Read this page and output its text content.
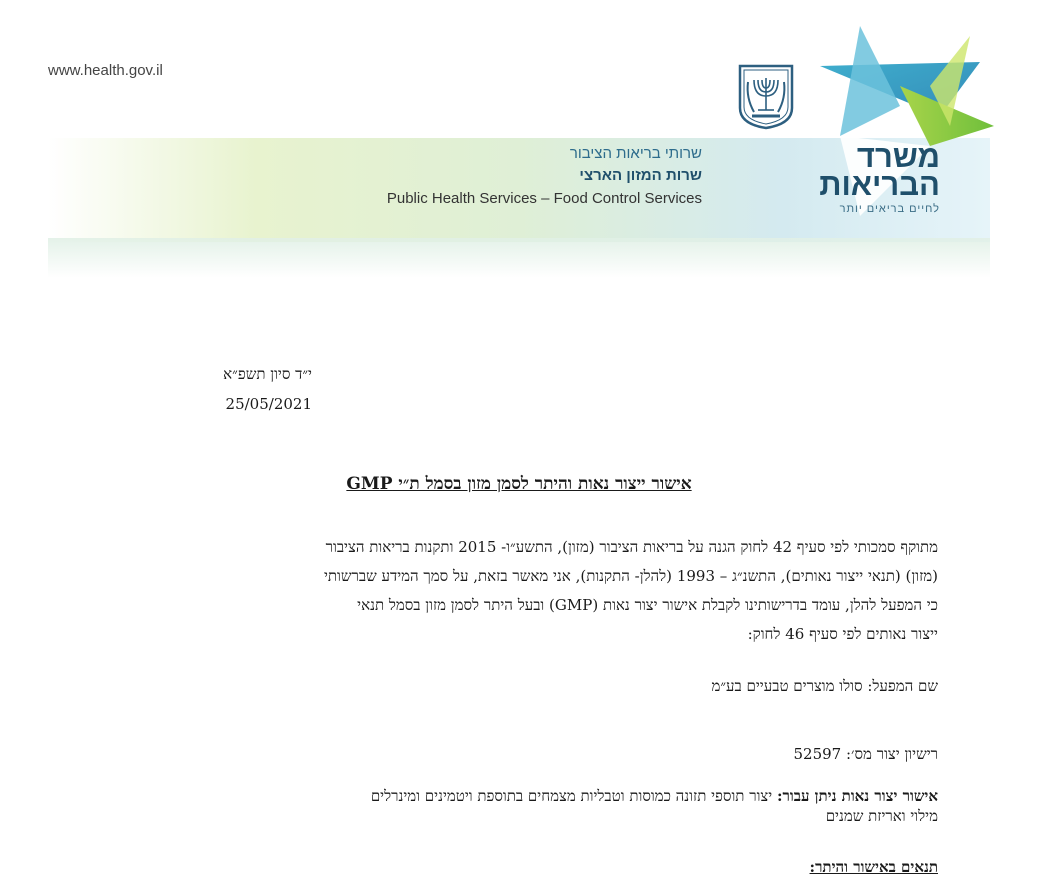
www.health.gov.il
שרותי בריאות הציבור
שרות המזון הארצי
Public Health Services – Food Control Services
משרד
הבריאות
לחיים בריאים יותר
י״ד סיון תשפ״א
25/05/2021
אישור ייצור נאות והיתר לסמן מזון בסמל ת״י GMP
מתוקף סמכותי לפי סעיף 42 לחוק הגנה על בריאות הציבור (מזון), התשע״ו- 2015 ותקנות בריאות הציבור
(מזון) (תנאי ייצור נאותים), התשנ״ג – 1993 (להלן- התקנות), אני מאשר בזאת, על סמך המידע שברשותי
כי המפעל להלן, עומד בדרישותינו לקבלת אישור יצור נאות (GMP) ובעל היתר לסמן מזון בסמל תנאי
ייצור נאותים לפי סעיף 46 לחוק:
שם המפעל: סולו מוצרים טבעיים בע״מ
רישיון יצור מס׳: 52597
אישור יצור נאות ניתן עבור: יצור תוספי תזונה כמוסות וטבליות מצמחים בתוספת ויטמינים ומינרלים
מילוי ואריזת שמנים
תנאים באישור והיתר:
